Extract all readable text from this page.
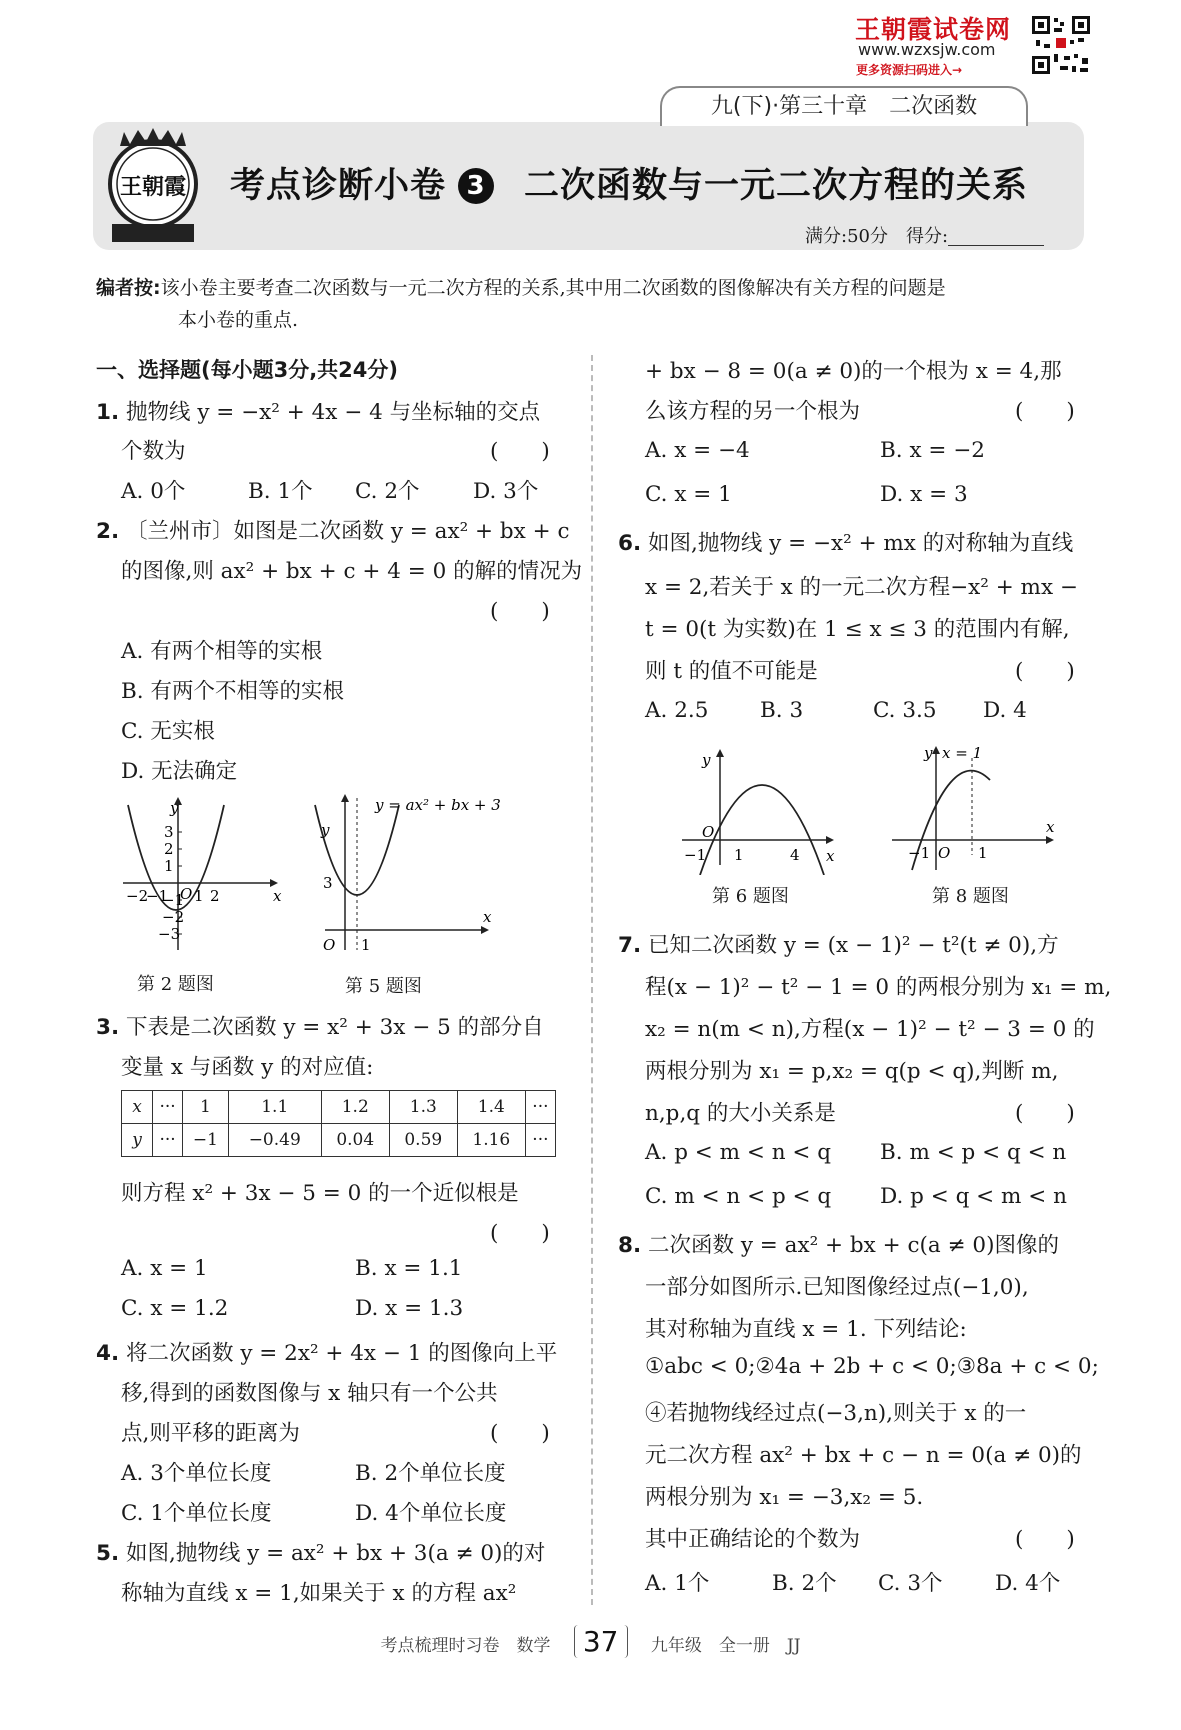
王朝霞试卷网
www.wzxsjw.com
更多资源扫码进入→
九(下)·第三十章　二次函数
王朝霞 考点诊断小卷 3 二次函数与一元二次方程的关系
满分:50分　 得分:
编者按:该小卷主要考查二次函数与一元二次方程的关系,其中用二次函数的图像解决有关方程的问题是
本小卷的重点.
一、选择题(每小题3分,共24分)
1. 抛物线 y = −x² + 4x − 4 与坐标轴的交点
个数为	(　　)
A. 0个	B. 1个 C. 2个 D. 3个
2. 〔兰州市〕如图是二次函数 y = ax² + bx + c
的图像,则 ax² + bx + c + 4 = 0 的解的情况为
(　　)
A. 有两个相等的实根
B. 有两个不相等的实根
C. 无实根
D. 无法确定
y
x
O
3
2
1
−1
−2
−3
−2
−1 1 2
第 2 题图
y
x
O 1
3
y = ax² + bx + 3
第 5 题图
3. 下表是二次函数 y = x² + 3x − 5 的部分自
变量 x 与函数 y 的对应值:
x	···	1	1.1	1.2	1.3	1.4	···
y	···	−1	−0.49	0.04	0.59	1.16	···
则方程 x² + 3x − 5 = 0 的一个近似根是
(　　)
A. x = 1	B. x = 1.1
C. x = 1.2	D. x = 1.3
4. 将二次函数 y = 2x² + 4x − 1 的图像向上平
移,得到的函数图像与 x 轴只有一个公共
点,则平移的距离为	(　　)
A. 3个单位长度	B. 2个单位长度
C. 1个单位长度	D. 4个单位长度
5. 如图,抛物线 y = ax² + bx + 3(a ≠ 0)的对
称轴为直线 x = 1,如果关于 x 的方程 ax²
+ bx − 8 = 0(a ≠ 0)的一个根为 x = 4,那
么该方程的另一个根为	(　　)
A. x = −4	B. x = −2
C. x = 1	D. x = 3
6. 如图,抛物线 y = −x² + mx 的对称轴为直线
x = 2,若关于 x 的一元二次方程−x² + mx −
t = 0(t 为实数)在 1 ≤ x ≤ 3 的范围内有解,
则 t 的值不可能是	(　　)
A. 2.5 B. 3	C. 3.5 D. 4
y
x
O
−1 1	4
第 6 题图
y x = 1
x
O
−1	1
第 8 题图
7. 已知二次函数 y = (x − 1)² − t²(t ≠ 0),方
程(x − 1)² − t² − 1 = 0 的两根分别为 x₁ = m,
x₂ = n(m < n),方程(x − 1)² − t² − 3 = 0 的
两根分别为 x₁ = p,x₂ = q(p < q),判断 m,
n,p,q 的大小关系是	(　　)
A. p < m < n < q B. m < p < q < n
C. m < n < p < q D. p < q < m < n
8. 二次函数 y = ax² + bx + c(a ≠ 0)图像的
一部分如图所示.已知图像经过点(−1,0),
其对称轴为直线 x = 1. 下列结论:
①abc < 0;②4a + 2b + c < 0;③8a + c < 0;
④若抛物线经过点(−3,n),则关于 x 的一
元二次方程 ax² + bx + c − n = 0(a ≠ 0)的
两根分别为 x₁ = −3,x₂ = 5.
其中正确结论的个数为	(　　)
A. 1个	B. 2个 C. 3个 D. 4个
考点梳理时习卷　数学 37 九年级　全一册　JJ
